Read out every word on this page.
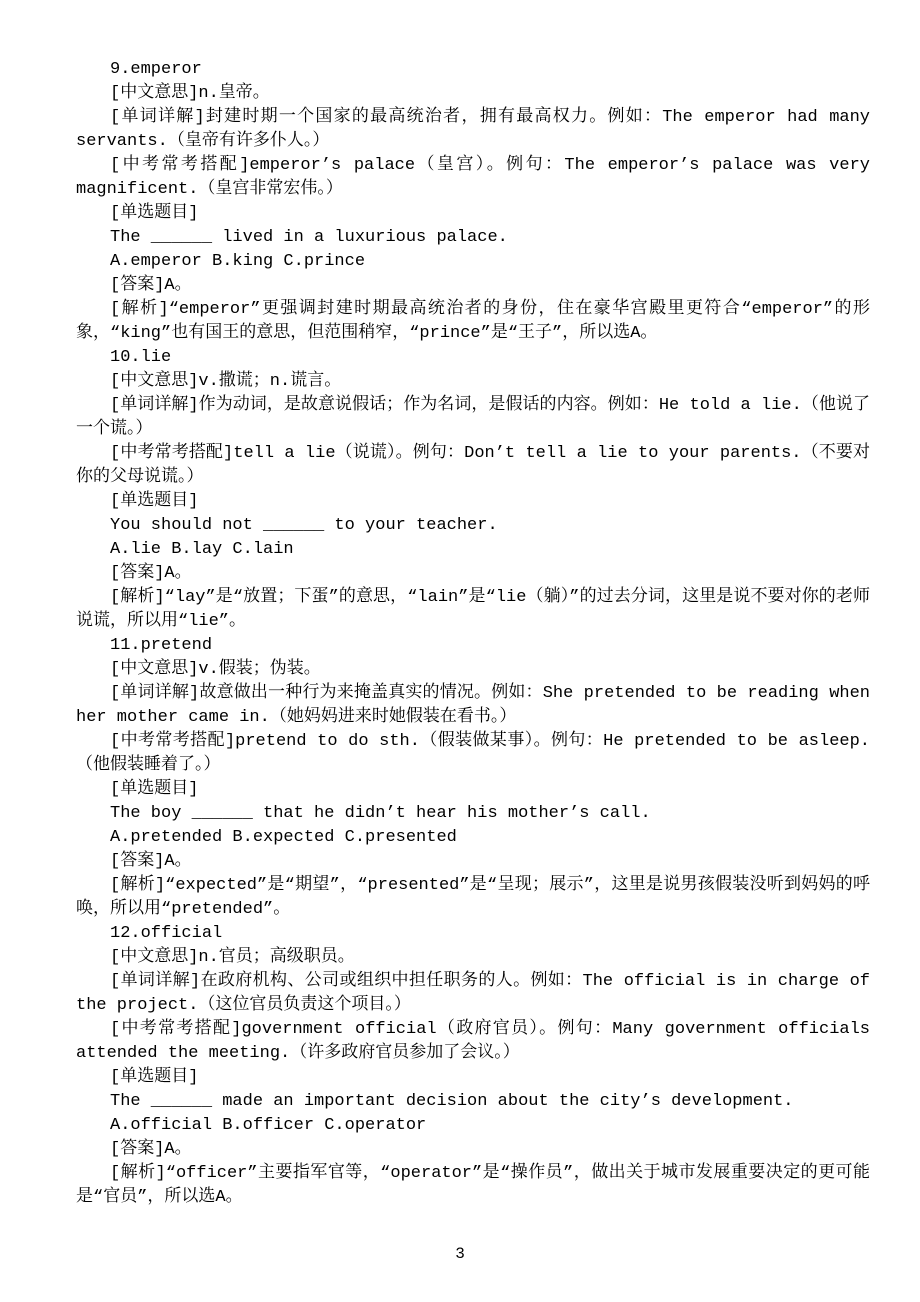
9.emperor

[中文意思]n.皇帝。

[单词详解]封建时期一个国家的最高统治者，拥有最高权力。例如：The emperor had many servants.（皇帝有许多仆人。）

[中考常考搭配]emperor’s palace（皇宫）。例句：The emperor’s palace was very magnificent.（皇宫非常宏伟。）

[单选题目]

The ______ lived in a luxurious palace.

A.emperor B.king C.prince

[答案]A。

[解析]“emperor”更强调封建时期最高统治者的身份，住在豪华宫殿里更符合“emperor”的形象，“king”也有国王的意思，但范围稍窄，“prince”是“王子”，所以选A。

10.lie

[中文意思]v.撒谎；n.谎言。

[单词详解]作为动词，是故意说假话；作为名词，是假话的内容。例如：He told a lie.（他说了一个谎。）

[中考常考搭配]tell a lie（说谎）。例句：Don’t tell a lie to your parents.（不要对你的父母说谎。）

[单选题目]

You should not ______ to your teacher.

A.lie B.lay C.lain

[答案]A。

[解析]“lay”是“放置；下蛋”的意思，“lain”是“lie（躺）”的过去分词，这里是说不要对你的老师说谎，所以用“lie”。

11.pretend

[中文意思]v.假装；伪装。

[单词详解]故意做出一种行为来掩盖真实的情况。例如：She pretended to be reading when her mother came in.（她妈妈进来时她假装在看书。）

[中考常考搭配]pretend to do sth.（假装做某事）。例句：He pretended to be asleep.（他假装睡着了。）

[单选题目]

The boy ______ that he didn’t hear his mother’s call.

A.pretended B.expected C.presented

[答案]A。

[解析]“expected”是“期望”，“presented”是“呈现；展示”，这里是说男孩假装没听到妈妈的呼唤，所以用“pretended”。

12.official

[中文意思]n.官员；高级职员。

[单词详解]在政府机构、公司或组织中担任职务的人。例如：The official is in charge of the project.（这位官员负责这个项目。）

[中考常考搭配]government official（政府官员）。例句：Many government officials attended the meeting.（许多政府官员参加了会议。）

[单选题目]

The ______ made an important decision about the city’s development.

A.official B.officer C.operator

[答案]A。

[解析]“officer”主要指军官等，“operator”是“操作员”，做出关于城市发展重要决定的更可能是“官员”，所以选A。

3
